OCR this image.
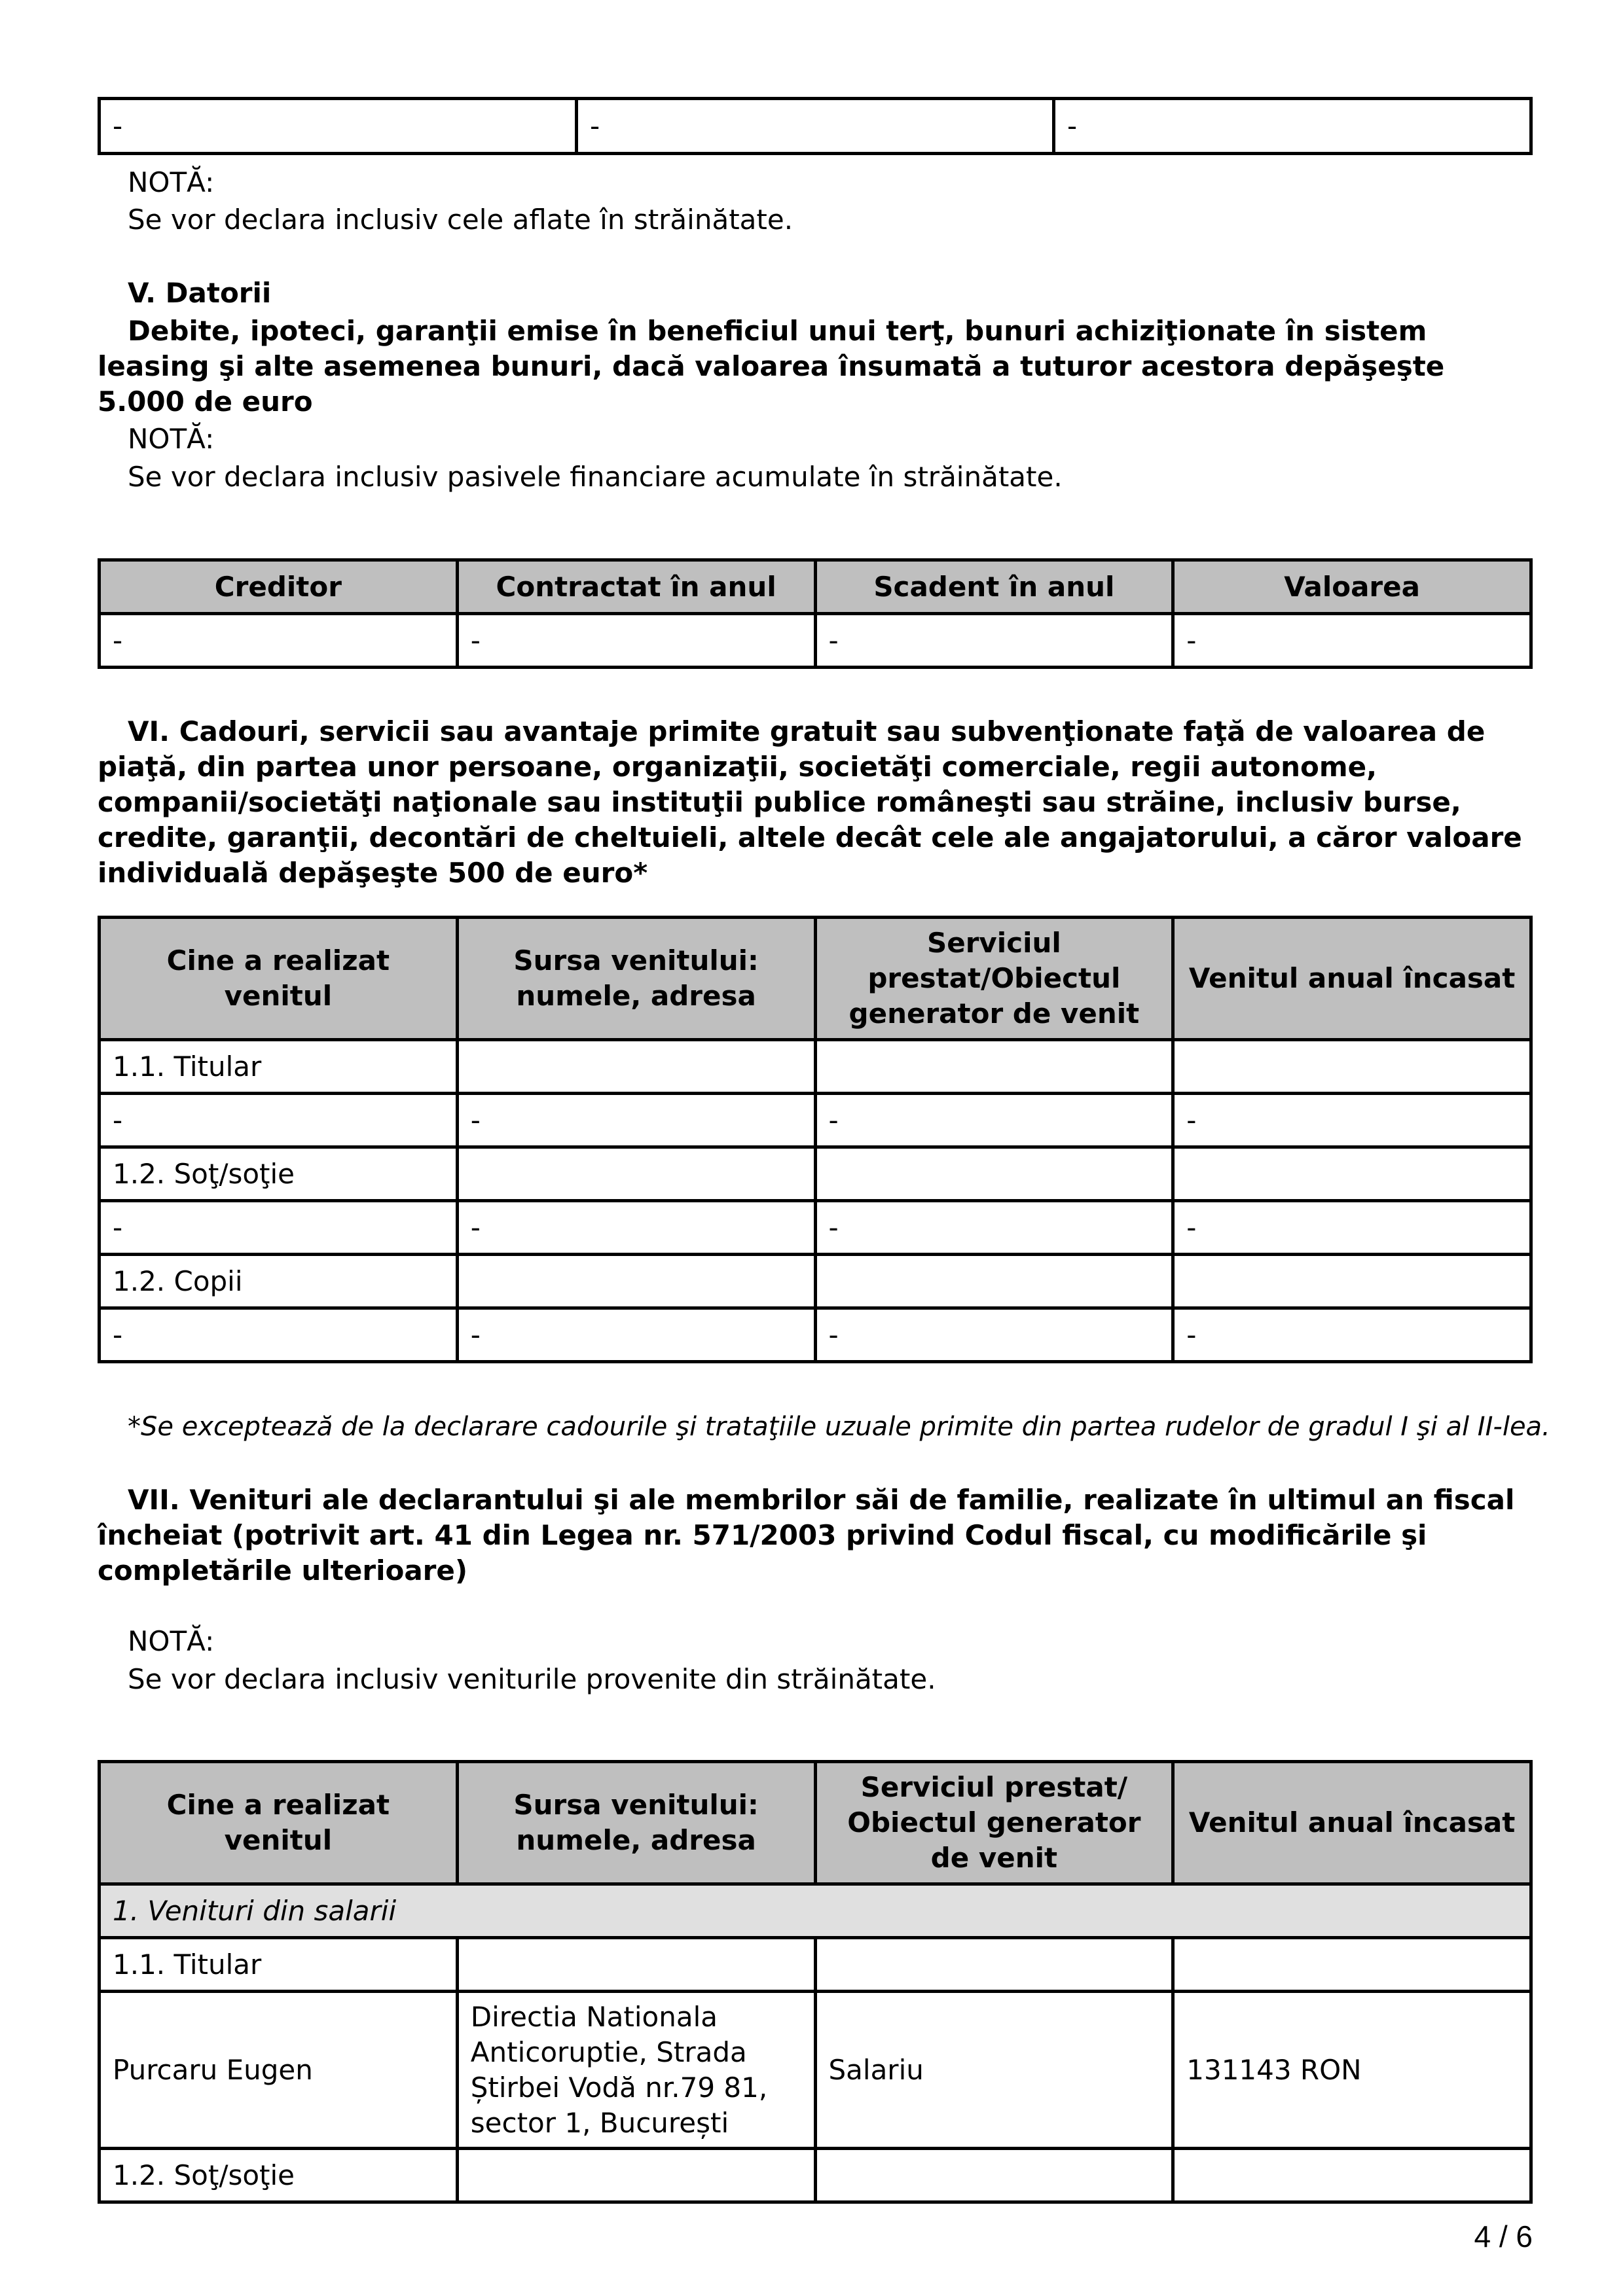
-	-	-
NOTĂ:
Se vor declara inclusiv cele aflate în străinătate.
V. Datorii
Debite, ipoteci, garanţii emise în beneficiul unui terţ, bunuri achiziţionate în sistem leasing şi alte asemenea bunuri, dacă valoarea însumată a tuturor acestora depăşeşte 5.000 de euro
NOTĂ:
Se vor declara inclusiv pasivele financiare acumulate în străinătate.
Creditor	Contractat în anul	Scadent în anul	Valoarea
-	-	-	-
VI. Cadouri, servicii sau avantaje primite gratuit sau subvenţionate faţă de valoarea de piaţă, din partea unor persoane, organizaţii, societăţi comerciale, regii autonome, companii/societăţi naţionale sau instituţii publice româneşti sau străine, inclusiv burse, credite, garanţii, decontări de cheltuieli, altele decât cele ale angajatorului, a căror valoare individuală depăşeşte 500 de euro*
Cine a realizat venitul	Sursa venitului: numele, adresa	Serviciul prestat/Obiectul generator de venit	Venitul anual încasat
1.1. Titular			
-	-	-	-
1.2. Soţ/soţie			
-	-	-	-
1.2. Copii			
-	-	-	-
*Se exceptează de la declarare cadourile şi trataţiile uzuale primite din partea rudelor de gradul I şi al II-lea.
VII. Venituri ale declarantului şi ale membrilor săi de familie, realizate în ultimul an fiscal încheiat (potrivit art. 41 din Legea nr. 571/2003 privind Codul fiscal, cu modificările şi completările ulterioare)
NOTĂ:
Se vor declara inclusiv veniturile provenite din străinătate.
Cine a realizat venitul	Sursa venitului: numele, adresa	Serviciul prestat/ Obiectul generator de venit	Venitul anual încasat
1. Venituri din salarii			
1.1. Titular			
Purcaru Eugen	Directia Nationala Anticoruptie, Strada Știrbei Vodă nr.79 81, sector 1, București	Salariu	131143 RON
1.2. Soţ/soţie			
4 / 6
